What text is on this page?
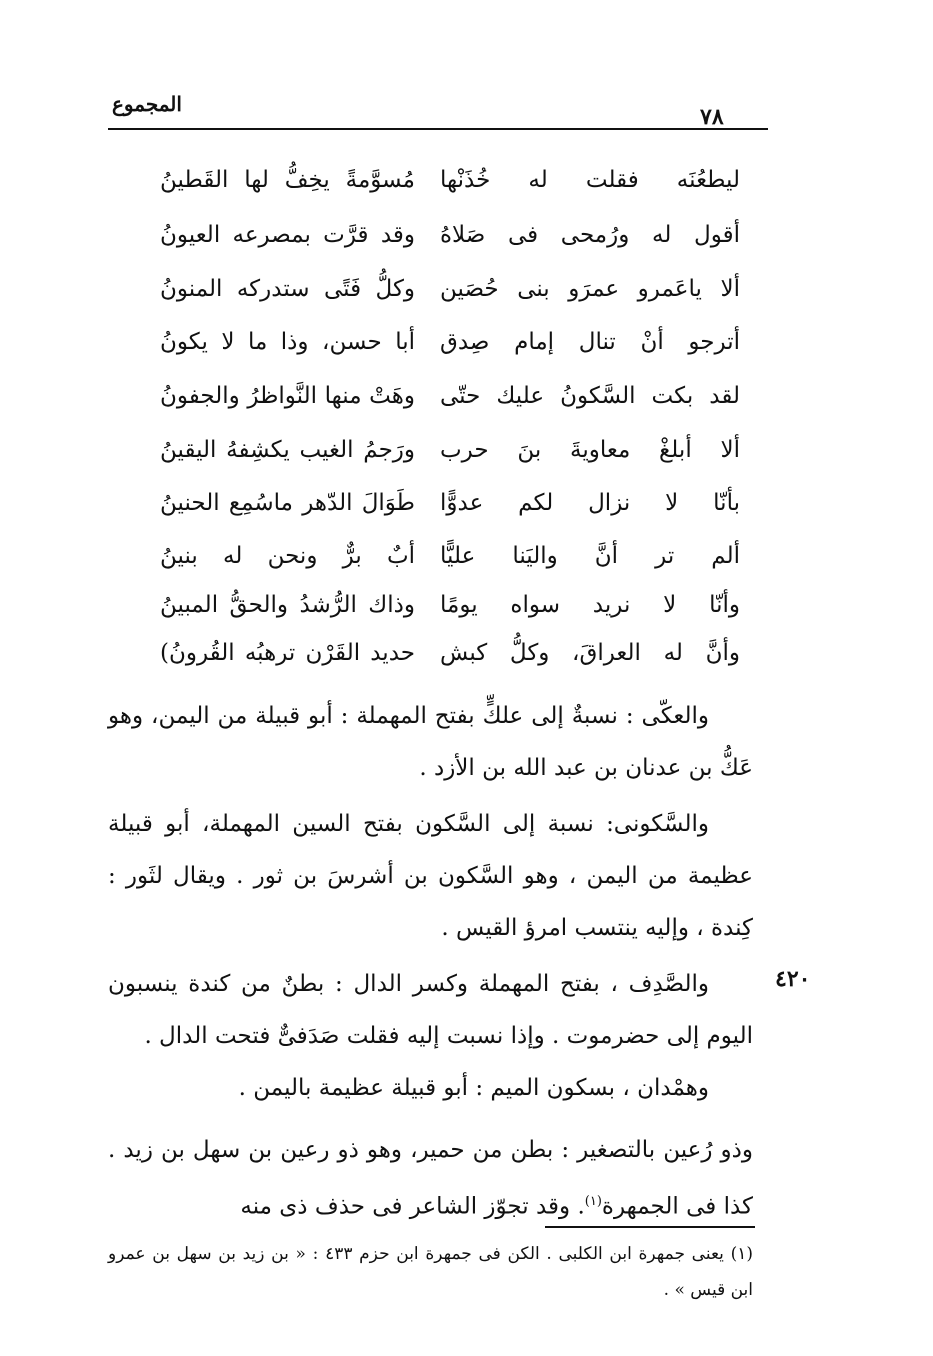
المجموع	٧٨
ليطعُنَه فقلت له خُذَنْها
مُسوَّمةً يخِفُّ لها القَطينُ
أقول له ورُمحى فى صَلاهُ
وقد قرَّت بمصرعه العيونُ
ألا ياعَمرو عمرَو بنى حُصَين
وكلُّ فَتًى ستدركه المنونُ
أترجو أنْ تنال إمام صِدق
أبا حسن، وذا ما لا يكونُ
لقد بكت السَّكونُ عليك حتّى
وهَتْ منها النَّواظرُ والجفونُ
ألا أبلغْ معاويةَ بنَ حرب
ورَجمُ الغيب يكشِفهُ اليقينُ
بأنّا لا نزال لكم عدوًّا
طَوَالَ الدّهر ماسُمِع الحنينُ
ألم تر أنَّ واليَنا عليًّا
أبٌ برٌّ ونحن له بنينُ
وأنّا لا نريد سواه يومًا
وذاك الرُّشدُ والحقُّ المبينُ
وأنَّ له العراقَ، وكلُّ كبش
حديد القَرْن ترهبُه القُرونُ)
والعكّى : نسبةٌ إلى علكٍّ بفتح المهملة : أبو قبيلة من اليمن، وهو عَكُّ بن عدنان بن عبد الله بن الأزد .
والسَّكونى: نسبة إلى السَّكون بفتح السين المهملة، أبو قبيلة عظيمة من اليمن ، وهو السَّكون بن أشرسَ بن ثور . ويقال لثَور : كِندة ، وإليه ينتسب امرؤ القيس .
٤٢٠
والصَّدِف ، بفتح المهملة وكسر الدال : بطنٌ من كندة ينسبون اليوم إلى حضرموت . وإذا نسبت إليه فقلت صَدَفىٌّ فتحت الدال .
وهمْدان ، بسكون الميم : أبو قبيلة عظيمة باليمن .
وذو رُعين بالتصغير : بطن من حمير، وهو ذو رعين بن سهل بن زيد . كذا فى الجمهرة$^{(١)}$. وقد تجوّز الشاعر فى حذف ذى منه
(١) يعنى جمهرة ابن الكلبى . الكن فى جمهرة ابن حزم ٤٣٣ : « بن زيد بن سهل بن عمرو ابن قيس » .
